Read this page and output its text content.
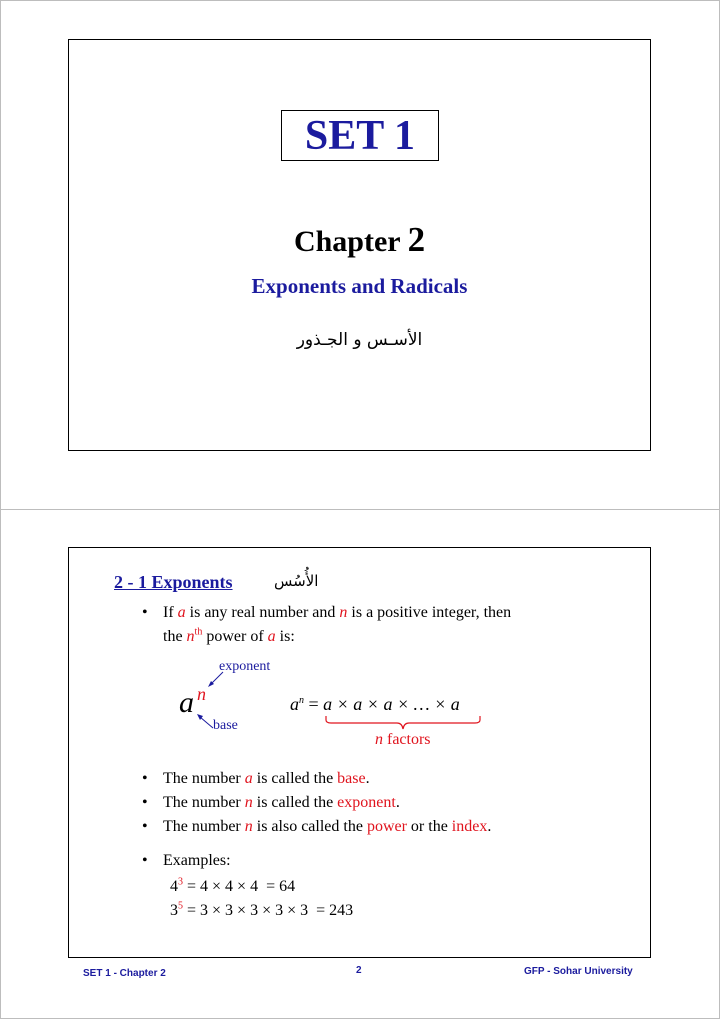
SET 1
Chapter 2
Exponents and Radicals
الأسـس و الجـذور
2 - 1 Exponents	الأُسُس
• If a is any real number and n is a positive integer, then
the $n^{th}$ power of a is:
exponent
a n
base
$a^n = a \times a \times a$ × … × a
n factors
• The number a is called the base.
• The number n is called the exponent.
• The number n is also called the power or the index.
• Examples:
$4^3 = 4 \times 4 \times 4 = 64$
$3^5 = 3 \times 3 \times 3 \times 3 \times 3 = 243$
SET 1 - Chapter 2	2	GFP - Sohar University
